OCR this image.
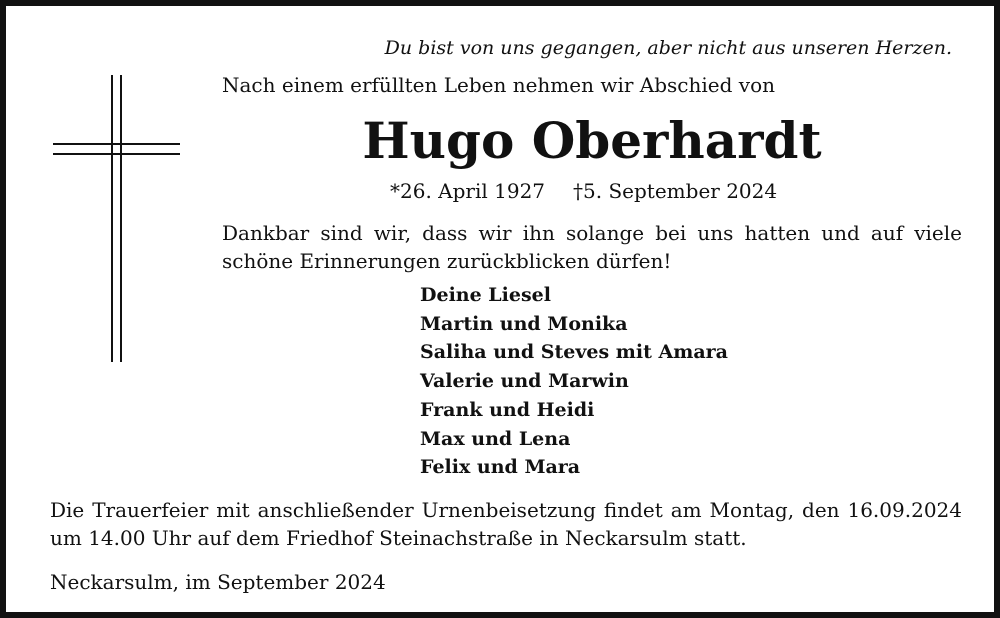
Du bist von uns gegangen, aber nicht aus unseren Herzen.
Nach einem erfüllten Leben nehmen wir Abschied von
Hugo Oberhardt
*26. April 1927 †5. September 2024
Dankbar sind wir, dass wir ihn solange bei uns hatten und auf viele schöne Erinnerungen zurückblicken dürfen!
Deine Liesel
Martin und Monika
Saliha und Steves mit Amara
Valerie und Marwin
Frank und Heidi
Max und Lena
Felix und Mara
Die Trauerfeier mit anschließender Urnenbeisetzung findet am Montag, den 16.09.2024 um 14.00 Uhr auf dem Friedhof Steinachstraße in Neckarsulm statt.
Neckarsulm, im September 2024
